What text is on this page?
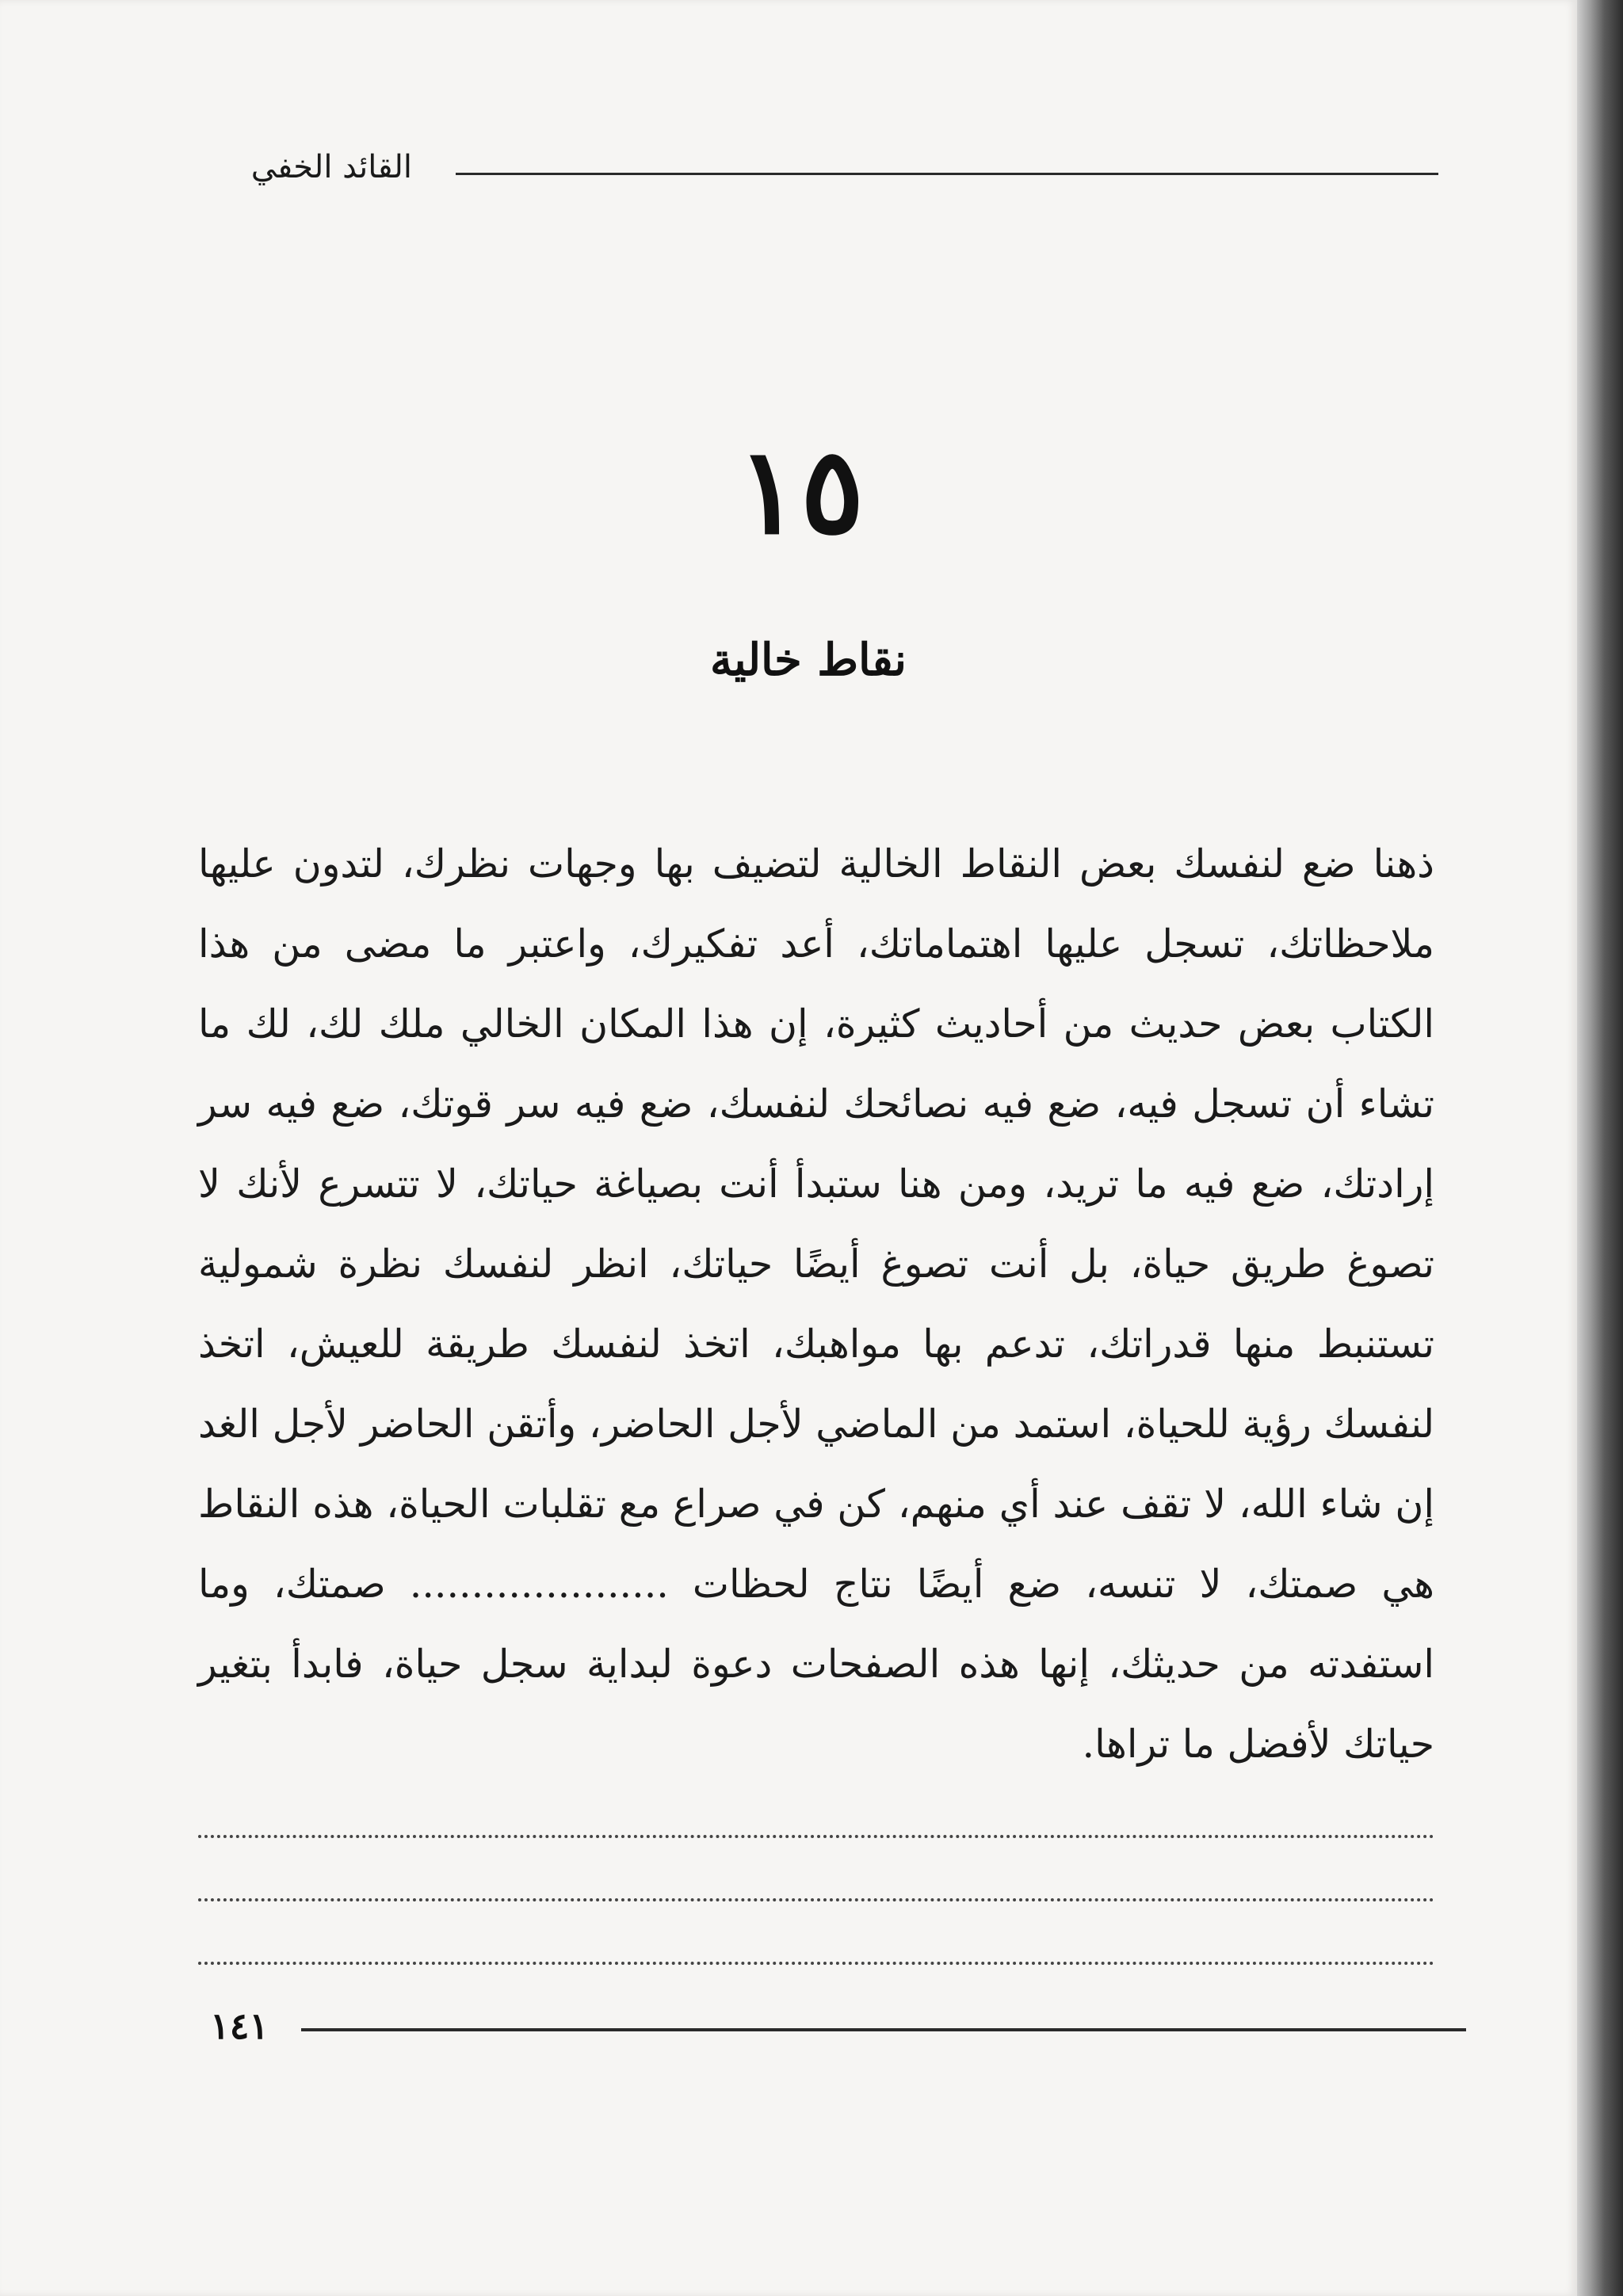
القائد الخفي
١٥
نقاط خالية

ذهنا ضع لنفسك بعض النقاط الخالية لتضيف بها وجهات نظرك، لتدون عليها ملاحظاتك، تسجل عليها اهتماماتك، أعد تفكيرك، واعتبر ما مضى من هذا الكتاب بعض حديث من أحاديث كثيرة، إن هذا المكان الخالي ملك لك، لك ما تشاء أن تسجل فيه، ضع فيه نصائحك لنفسك، ضع فيه سر قوتك، ضع فيه سر إرادتك، ضع فيه ما تريد، ومن هنا ستبدأ أنت بصياغة حياتك، لا تتسرع لأنك لا تصوغ طريق حياة، بل أنت تصوغ أيضًا حياتك، انظر لنفسك نظرة شمولية تستنبط منها قدراتك، تدعم بها مواهبك، اتخذ لنفسك طريقة للعيش، اتخذ لنفسك رؤية للحياة، استمد من الماضي لأجل الحاضر، وأتقن الحاضر لأجل الغد إن شاء الله، لا تقف عند أي منهم، كن في صراع مع تقلبات الحياة، هذه النقاط هي صمتك، لا تنسه، ضع أيضًا نتاج لحظات ..................... صمتك، وما استفدته من حديثك، إنها هذه الصفحات دعوة لبداية سجل حياة، فابدأ بتغير حياتك لأفضل ما تراها.

١٤١
